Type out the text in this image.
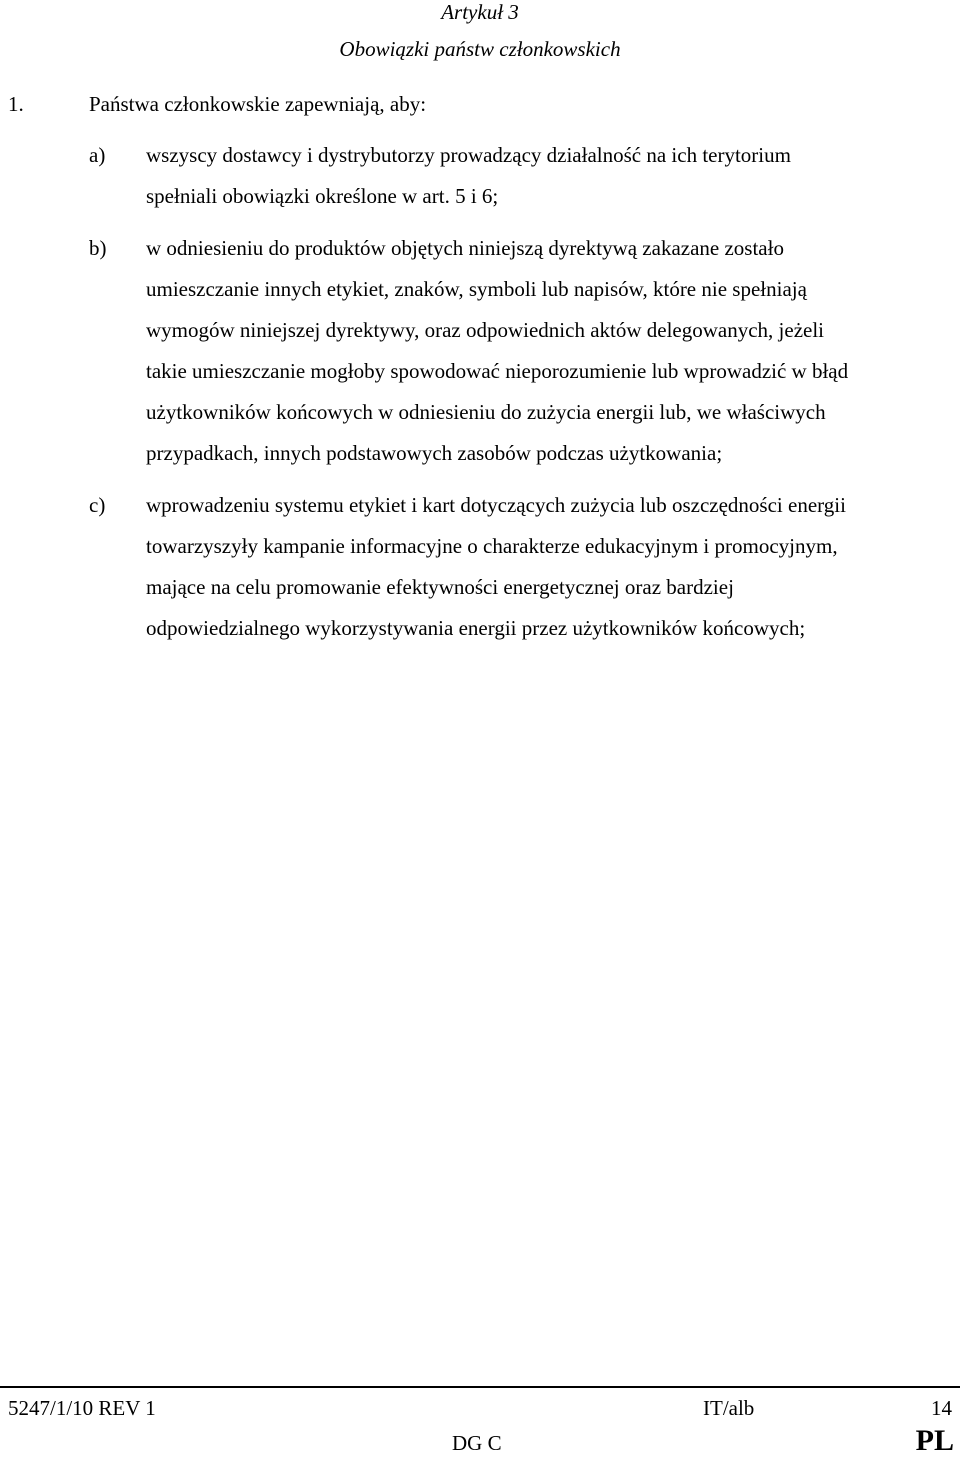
Artykuł 3
Obowiązki państw członkowskich
1.	Państwa członkowskie zapewniają, aby:
a) wszyscy dostawcy i dystrybutorzy prowadzący działalność na ich terytorium
spełniali obowiązki określone w art. 5 i 6;
b) w odniesieniu do produktów objętych niniejszą dyrektywą zakazane zostało
umieszczanie innych etykiet, znaków, symboli lub napisów, które nie spełniają
wymogów niniejszej dyrektywy, oraz odpowiednich aktów delegowanych, jeżeli
takie umieszczanie mogłoby spowodować nieporozumienie lub wprowadzić w błąd
użytkowników końcowych w odniesieniu do zużycia energii lub, we właściwych
przypadkach, innych podstawowych zasobów podczas użytkowania;
c) wprowadzeniu systemu etykiet i kart dotyczących zużycia lub oszczędności energii
towarzyszyły kampanie informacyjne o charakterze edukacyjnym i promocyjnym,
mające na celu promowanie efektywności energetycznej oraz bardziej
odpowiedzialnego wykorzystywania energii przez użytkowników końcowych;
5247/1/10 REV 1	IT/alb	14
DG C	PL
